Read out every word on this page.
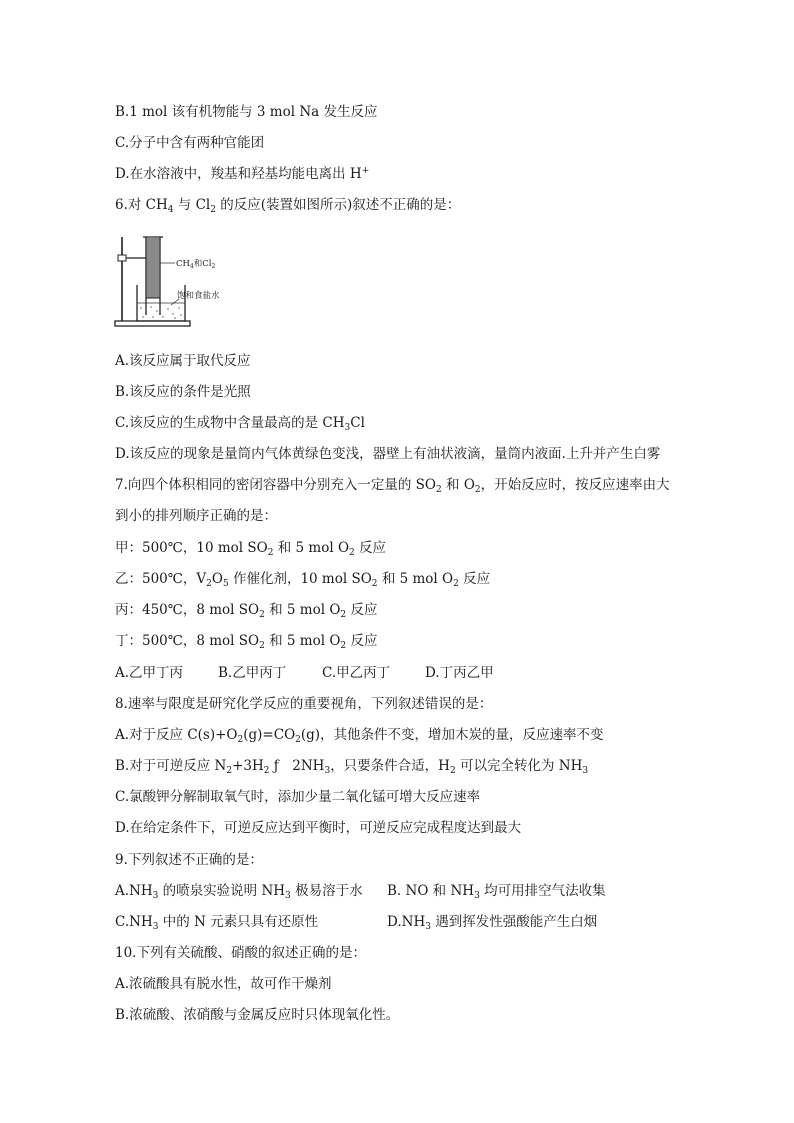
B.1 mol 该有机物能与 3 mol Na 发生反应
C.分子中含有两种官能团
D.在水溶液中，羧基和羟基均能电离出 H+
6.对 $CH_4$ 与 $Cl_2$ 的反应(装置如图所示)叙述不正确的是：
$CH_4$和$Cl_2$
饱和食盐水
A.该反应属于取代反应
B.该反应的条件是光照
C.该反应的生成物中含量最高的是 $CH_3Cl$
D.该反应的现象是量筒内气体黄绿色变浅，器壁上有油状液滴，量筒内液面.上升并产生白雾
7.向四个体积相同的密闭容器中分别充入一定量的 $SO_2$ 和 $O_2$，开始反应时，按反应速率由大
到小的排列顺序正确的是：
甲：500℃，10 mol $SO_2$ 和 5 mol $O_2$ 反应
乙：500℃，$V_2O_5$ 作催化剂，10 mol $SO_2$ 和 5 mol $O_2$ 反应
丙：450℃，8 mol $SO_2$ 和 5 mol $O_2$ 反应
丁：500℃，8 mol $SO_2$ 和 5 mol $O_2$ 反应
A.乙甲丁丙	B.乙甲丙丁	C.甲乙丙丁	D.丁丙乙甲
8.速率与限度是研究化学反应的重要视角，下列叙述错误的是：
A.对于反应 $C(s)+O_2(g)=CO_2(g)$，其他条件不变，增加木炭的量，反应速率不变
B.对于可逆反应 $N_2+3H_2$ ƒ　$2NH_3$，只要条件合适，$H_2$ 可以完全转化为 $NH_3$
C.氯酸钾分解制取氧气时，添加少量二氧化锰可增大反应速率
D.在给定条件下，可逆反应达到平衡时，可逆反应完成程度达到最大
9.下列叙述不正确的是：
$A.NH_3$ 的喷泉实验说明 $NH_3$ 极易溶于水 B. NO 和 $NH_3$ 均可用排空气法收集
$C.NH_3$ 中的 N 元素只具有还原性	$D.NH_3$ 遇到挥发性强酸能产生白烟
10.下列有关硫酸、硝酸的叙述正确的是：
A.浓硫酸具有脱水性，故可作干燥剂
B.浓硫酸、浓硝酸与金属反应时只体现氧化性。
